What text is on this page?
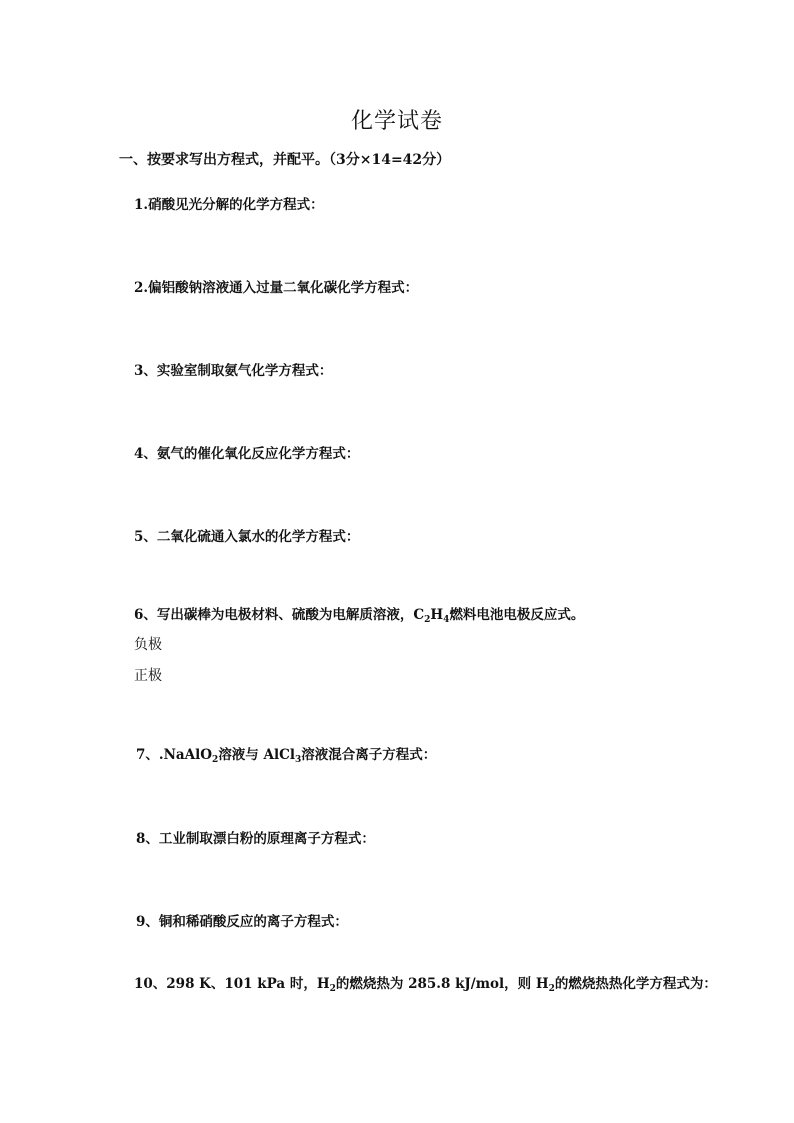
化学试卷

一、按要求写出方程式，并配平。（3分×14=42分）

1.硝酸见光分解的化学方程式：

2.偏铝酸钠溶液通入过量二氧化碳化学方程式：

3、实验室制取氨气化学方程式：

4、氨气的催化氧化反应化学方程式：

5、二氧化硫通入氯水的化学方程式：

6、写出碳棒为电极材料、硫酸为电解质溶液，$C_2H_4$燃料电池电极反应式。

负极

正极

7、.NaAlO$_2$溶液与 AlCl$_3$溶液混合离子方程式：

8、工业制取漂白粉的原理离子方程式：

9、铜和稀硝酸反应的离子方程式：

10、298 K、101 kPa 时，$H_2$的燃烧热为 285.8 kJ/mol，则 $H_2$的燃烧热热化学方程式为：
